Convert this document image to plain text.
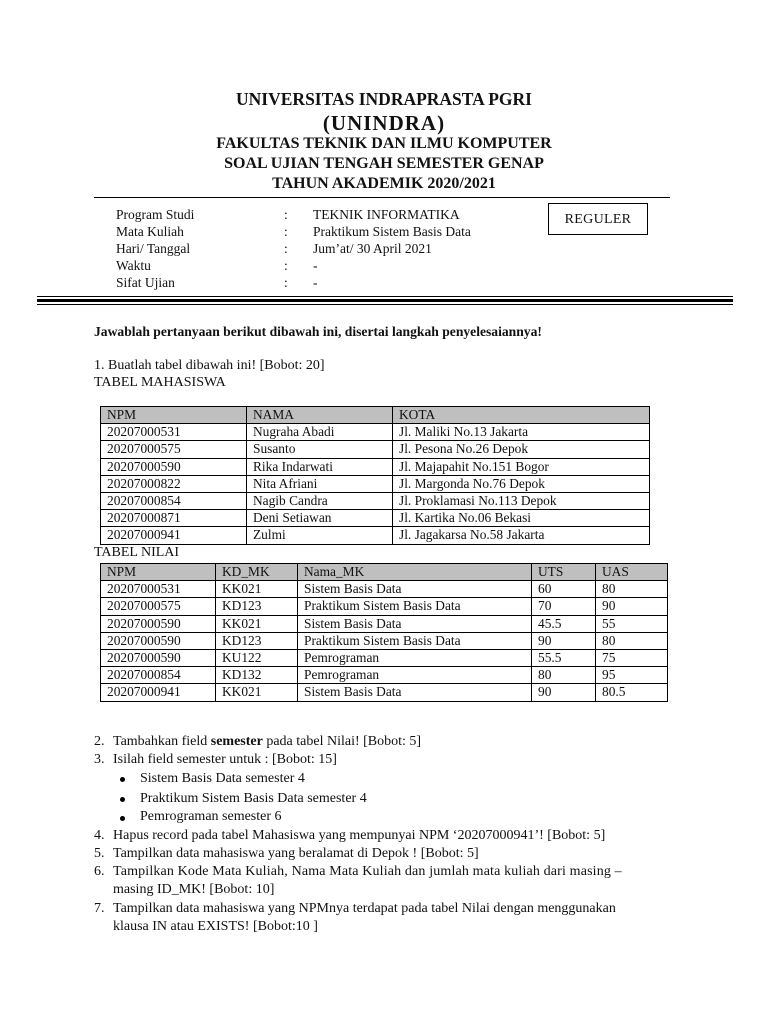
UNIVERSITAS INDRAPRASTA PGRI
(UNINDRA)
FAKULTAS TEKNIK DAN ILMU KOMPUTER
SOAL UJIAN TENGAH SEMESTER GENAP
TAHUN AKADEMIK 2020/2021
Program Studi	: TEKNIK INFORMATIKA
Mata Kuliah	: Praktikum Sistem Basis Data
Hari/ Tanggal	: Jum’at/ 30 April 2021
Waktu	: -
Sifat Ujian	: -
REGULER
Jawablah pertanyaan berikut dibawah ini, disertai langkah penyelesaiannya!
1. Buatlah tabel dibawah ini! [Bobot: 20]
TABEL MAHASISWA
NPM	NAMA	KOTA
20207000531	Nugraha Abadi	Jl. Maliki No.13 Jakarta
20207000575	Susanto	Jl. Pesona No.26 Depok
20207000590	Rika Indarwati	Jl. Majapahit No.151 Bogor
20207000822	Nita Afriani	Jl. Margonda No.76 Depok
20207000854	Nagib Candra	Jl. Proklamasi No.113 Depok
20207000871	Deni Setiawan	Jl. Kartika No.06 Bekasi
20207000941	Zulmi	Jl. Jagakarsa No.58 Jakarta
TABEL NILAI
NPM	KD_MK	Nama_MK	UTS	UAS
20207000531	KK021	Sistem Basis Data	60	80
20207000575	KD123	Praktikum Sistem Basis Data	70	90
20207000590	KK021	Sistem Basis Data	45.5	55
20207000590	KD123	Praktikum Sistem Basis Data	90	80
20207000590	KU122	Pemrograman	55.5	75
20207000854	KD132	Pemrograman	80	95
20207000941	KK021	Sistem Basis Data	90	80.5
2. Tambahkan field semester pada tabel Nilai! [Bobot: 5]
3. Isilah field semester untuk : [Bobot: 15]
Sistem Basis Data semester 4
Praktikum Sistem Basis Data semester 4
Pemrograman semester 6
4. Hapus record pada tabel Mahasiswa yang mempunyai NPM ‘20207000941’! [Bobot: 5]
5. Tampilkan data mahasiswa yang beralamat di Depok ! [Bobot: 5]
6. Tampilkan Kode Mata Kuliah, Nama Mata Kuliah dan jumlah mata kuliah dari masing –
masing ID_MK! [Bobot: 10]
7. Tampilkan data mahasiswa yang NPMnya terdapat pada tabel Nilai dengan menggunakan
klausa IN atau EXISTS! [Bobot:10 ]
